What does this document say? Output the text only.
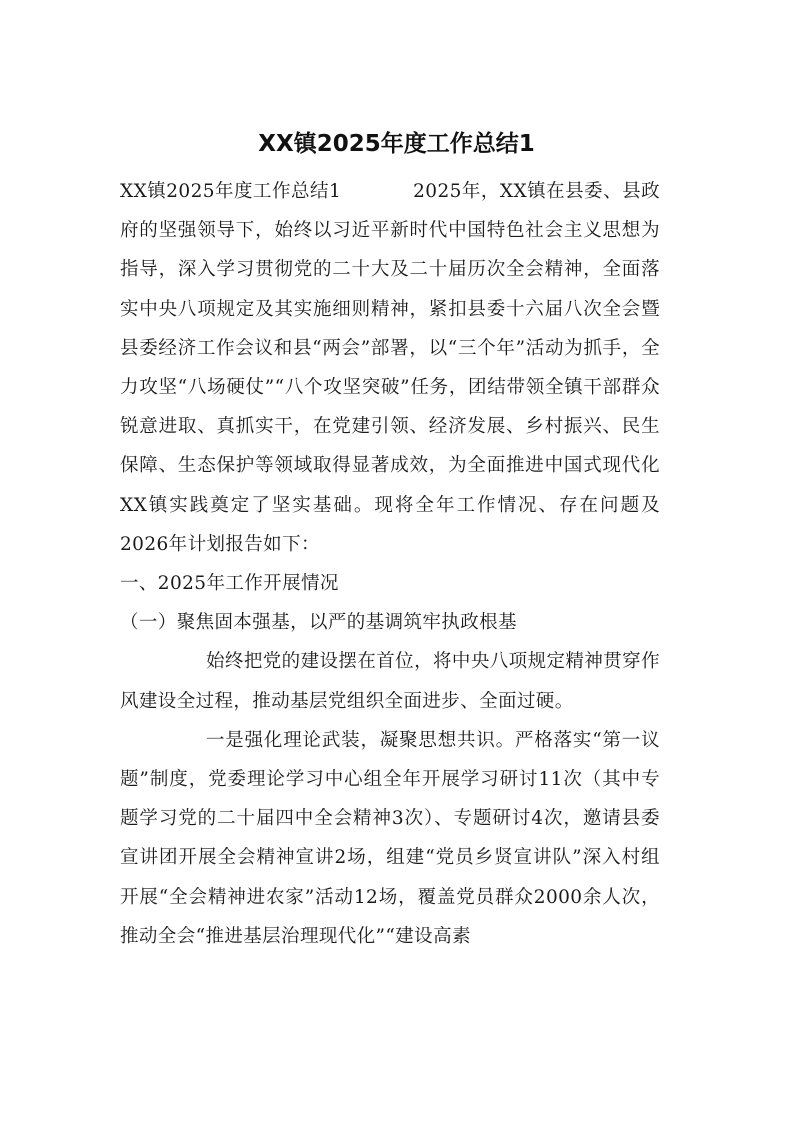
XX镇2025年度工作总结1

XX镇2025年度工作总结1	2025年，XX镇在县委、县政府的坚强领导下，始终以习近平新时代中国特色社会主义思想为指导，深入学习贯彻党的二十大及二十届历次全会精神，全面落实中央八项规定及其实施细则精神，紧扣县委十六届八次全会暨县委经济工作会议和县“两会”部署，以“三个年”活动为抓手，全力攻坚“八场硬仗”“八个攻坚突破”任务，团结带领全镇干部群众锐意进取、真抓实干，在党建引领、经济发展、乡村振兴、民生保障、生态保护等领域取得显著成效，为全面推进中国式现代化XX镇实践奠定了坚实基础。现将全年工作情况、存在问题及2026年计划报告如下：

一、2025年工作开展情况

（一）聚焦固本强基，以严的基调筑牢执政根基

始终把党的建设摆在首位，将中央八项规定精神贯穿作风建设全过程，推动基层党组织全面进步、全面过硬。

一是强化理论武装，凝聚思想共识。严格落实“第一议题”制度，党委理论学习中心组全年开展学习研讨11次（其中专题学习党的二十届四中全会精神3次）、专题研讨4次，邀请县委宣讲团开展全会精神宣讲2场，组建“党员乡贤宣讲队”深入村组开展“全会精神进农家”活动12场，覆盖党员群众2000余人次，推动全会“推进基层治理现代化”“建设高素
